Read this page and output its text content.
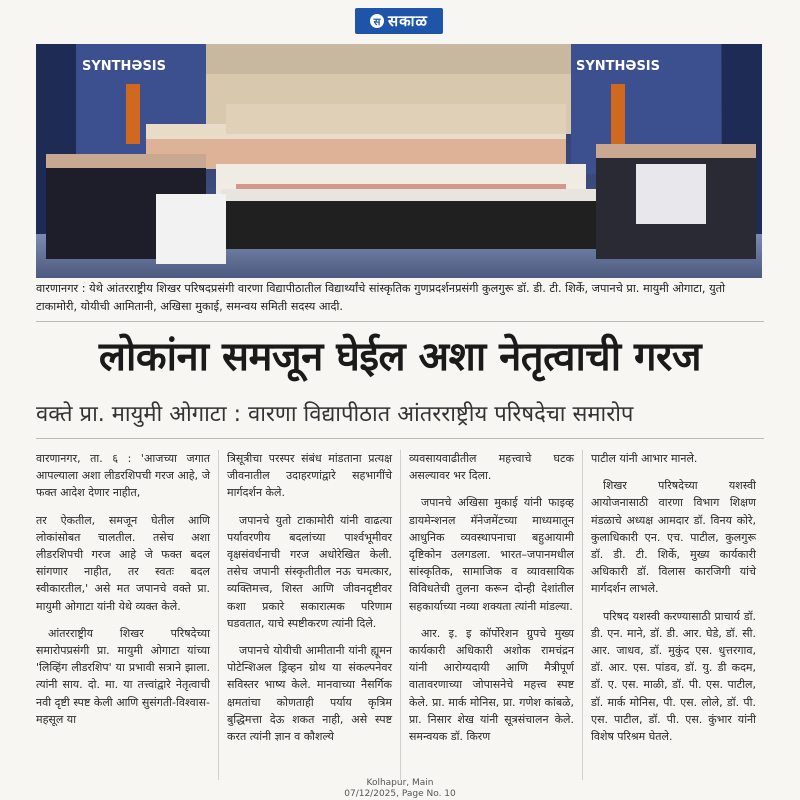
स सकाळ
SYNTHƏSIS	SYNTHƏSIS
वारणानगर : येथे आंतरराष्ट्रीय शिखर परिषदप्रसंगी वारणा विद्यापीठातील विद्यार्थ्यांचे सांस्कृतिक गुणप्रदर्शनप्रसंगी कुलगुरू डॉ. डी. टी. शिर्के, जपानचे प्रा. मायुमी ओगाटा, युतो टाकामोरी, योयीची आमितानी, अखिसा मुकाई, समन्वय समिती सदस्य आदी.
लोकांना समजून घेईल अशा नेतृत्वाची गरज
वक्ते प्रा. मायुमी ओगाटा : वारणा विद्यापीठात आंतरराष्ट्रीय परिषदेचा समारोप

वारणानगर, ता. ६ : 'आजच्या जगात आपल्याला अशा लीडरशिपची गरज आहे, जे फक्त आदेश देणार नाहीत,

तर ऐकतील, समजून घेतील आणि लोकांसोबत चालतील. तसेच अशा लीडरशिपची गरज आहे जे फक्त बदल सांगणार नाहीत, तर स्वतः बदल स्वीकारतील,' असे मत जपानचे वक्ते प्रा. मायुमी ओगाटा यांनी येथे व्यक्त केले.

आंतरराष्ट्रीय शिखर परिषदेच्या समारोपप्रसंगी प्रा. मायुमी ओगाटा यांच्या 'लिव्हिंग लीडरशिप' या प्रभावी सत्राने झाला. त्यांनी साय. दो. मा. या तत्त्वांद्वारे नेतृत्वाची नवी दृष्टी स्पष्ट केली आणि सुसंगती-विश्वास-महसूल या

त्रिसूत्रीचा परस्पर संबंध मांडताना प्रत्यक्ष जीवनातील उदाहरणांद्वारे सहभागींचे मार्गदर्शन केले.

जपानचे युतो टाकामोरी यांनी वाढत्या पर्यावरणीय बदलांच्या पार्श्वभूमीवर वृक्षसंवर्धनाची गरज अधोरेखित केली. तसेच जपानी संस्कृतीतील नऊ चमत्कार, व्यक्तिमत्त्व, शिस्त आणि जीवनदृष्टीवर कशा प्रकारे सकारात्मक परिणाम घडवतात, याचे स्पष्टीकरण त्यांनी दिले.

जपानचे योयीची आमीतानी यांनी ह्यूमन पोटेन्शिअल ड्रिव्हन ग्रोथ या संकल्पनेवर सविस्तर भाष्य केले. मानवाच्या नैसर्गिक क्षमतांचा कोणताही पर्याय कृत्रिम बुद्धिमत्ता देऊ शकत नाही, असे स्पष्ट करत त्यांनी ज्ञान व कौशल्ये

व्यवसायवाढीतील महत्त्वाचे घटक असल्यावर भर दिला.

जपानचे अखिसा मुकाई यांनी फाइव्ह डायमेन्शनल मॅनेजमेंटच्या माध्यमातून आधुनिक व्यवस्थापनाचा बहुआयामी दृष्टिकोन उलगडला. भारत–जपानमधील सांस्कृतिक, सामाजिक व व्यावसायिक विविधतेची तुलना करून दोन्ही देशांतील सहकार्याच्या नव्या शक्यता त्यांनी मांडल्या.

आर. इ. इ कॉर्पोरेशन ग्रुपचे मुख्य कार्यकारी अधिकारी अशोक रामचंद्रन यांनी आरोग्यदायी आणि मैत्रीपूर्ण वातावरणाच्या जोपासनेचे महत्त्व स्पष्ट केले. प्रा. मार्क मोनिस, प्रा. गणेश कांबळे, प्रा. निसार शेख यांनी सूत्रसंचालन केले. समन्वयक डॉ. किरण

पाटील यांनी आभार मानले.

शिखर परिषदेच्या यशस्वी आयोजनासाठी वारणा विभाग शिक्षण मंडळाचे अध्यक्ष आमदार डॉ. विनय कोरे, कुलाधिकारी एन. एच. पाटील, कुलगुरू डॉ. डी. टी. शिर्के, मुख्य कार्यकारी अधिकारी डॉ. विलास कारजिगी यांचे मार्गदर्शन लाभले.

परिषद यशस्वी करण्यासाठी प्राचार्य डॉ. डी. एन. माने, डॉ. डी. आर. घेडे, डॉ. सी. आर. जाधव, डॉ. मुकुंद एस. धुत्तरगाव, डॉ. आर. एस. पांडव, डॉ. यु. डी कदम, डॉ. ए. एस. माळी, डॉ. पी. एस. पाटील, डॉ. मार्क मोनिस, पी. एस. लोले, डॉ. पी. एस. पाटील, डॉ. पी. एस. कुंभार यांनी विशेष परिश्रम घेतले.

Kolhapur, Main
07/12/2025, Page No. 10
